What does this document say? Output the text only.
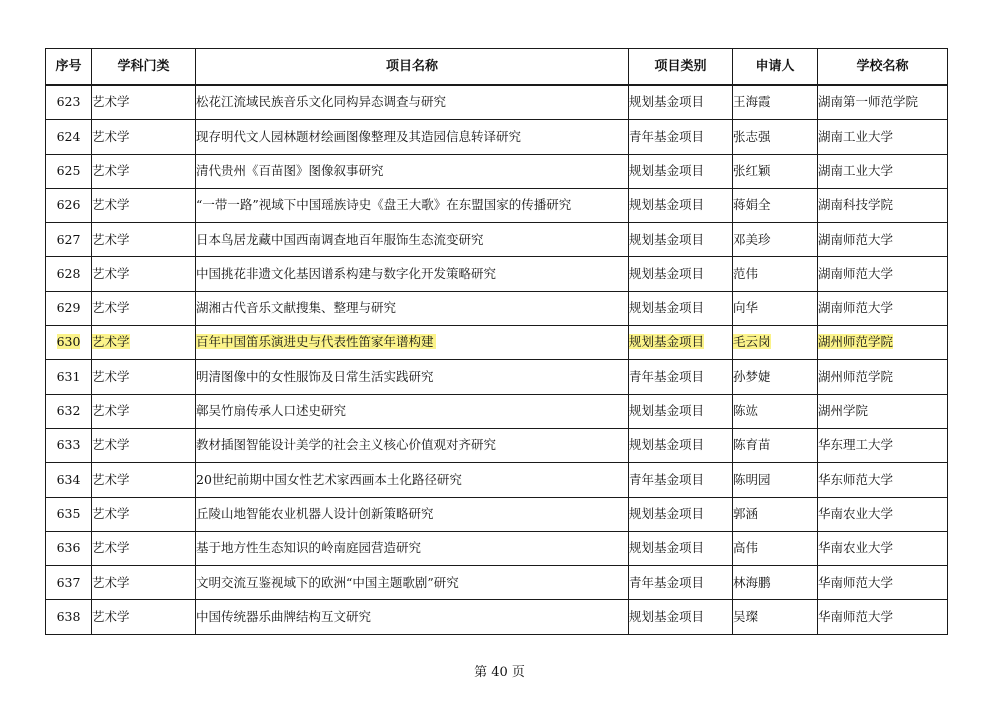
序号	学科门类	项目名称	项目类别	申请人	学校名称
623	艺术学	松花江流域民族音乐文化同构异态调查与研究	规划基金项目	王海霞	湖南第一师范学院
624	艺术学	现存明代文人园林题材绘画图像整理及其造园信息转译研究	青年基金项目	张志强	湖南工业大学
625	艺术学	清代贵州《百苗图》图像叙事研究	规划基金项目	张红颖	湖南工业大学
626	艺术学	“一带一路”视域下中国瑶族诗史《盘王大歌》在东盟国家的传播研究	规划基金项目	蒋娟全	湖南科技学院
627	艺术学	日本鸟居龙藏中国西南调查地百年服饰生态流变研究	规划基金项目	邓美珍	湖南师范大学
628	艺术学	中国挑花非遗文化基因谱系构建与数字化开发策略研究	规划基金项目	范伟	湖南师范大学
629	艺术学	湖湘古代音乐文献搜集、整理与研究	规划基金项目	向华	湖南师范大学
630	艺术学	百年中国笛乐演进史与代表性笛家年谱构建	规划基金项目	毛云岗	湖州师范学院
631	艺术学	明清图像中的女性服饰及日常生活实践研究	青年基金项目	孙梦婕	湖州师范学院
632	艺术学	鄣吴竹扇传承人口述史研究	规划基金项目	陈竑	湖州学院
633	艺术学	教材插图智能设计美学的社会主义核心价值观对齐研究	规划基金项目	陈育苗	华东理工大学
634	艺术学	20世纪前期中国女性艺术家西画本土化路径研究	青年基金项目	陈明园	华东师范大学
635	艺术学	丘陵山地智能农业机器人设计创新策略研究	规划基金项目	郭涵	华南农业大学
636	艺术学	基于地方性生态知识的岭南庭园营造研究	规划基金项目	高伟	华南农业大学
637	艺术学	文明交流互鉴视域下的欧洲“中国主题歌剧”研究	青年基金项目	林海鹏	华南师范大学
638	艺术学	中国传统器乐曲牌结构互文研究	规划基金项目	吴璨	华南师范大学
第 40 页
